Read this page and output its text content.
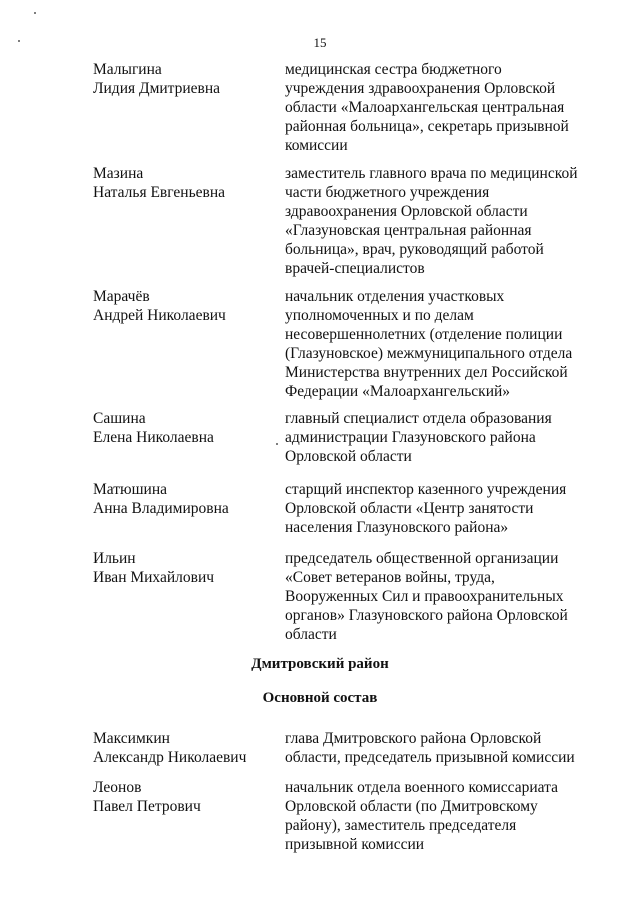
15
Малыгина
Лидия Дмитриевна
медицинская сестра бюджетного
учреждения здравоохранения Орловской
области «Малоархангельская центральная
районная больница», секретарь призывной
комиссии
Мазина
Наталья Евгеньевна
заместитель главного врача по медицинской
части бюджетного учреждения
здравоохранения Орловской области
«Глазуновская центральная районная
больница», врач, руководящий работой
врачей-специалистов
Марачёв
Андрей Николаевич
начальник отделения участковых
уполномоченных и по делам
несовершеннолетних (отделение полиции
(Глазуновское) межмуниципального отдела
Министерства внутренних дел Российской
Федерации «Малоархангельский»
Сашина
Елена Николаевна
главный специалист отдела образования
администрации Глазуновского района
Орловской области
Матюшина
Анна Владимировна
старщий инспектор казенного учреждения
Орловской области «Центр занятости
населения Глазуновского района»
Ильин
Иван Михайлович
председатель общественной организации
«Совет ветеранов войны, труда,
Вооруженных Сил и правоохранительных
органов» Глазуновского района Орловской
области
Дмитровский район
Основной состав
Максимкин
Александр Николаевич
глава Дмитровского района Орловской
области, председатель призывной комиссии
Леонов
Павел Петрович
начальник отдела военного комиссариата
Орловской области (по Дмитровскому
району), заместитель председателя
призывной комиссии
